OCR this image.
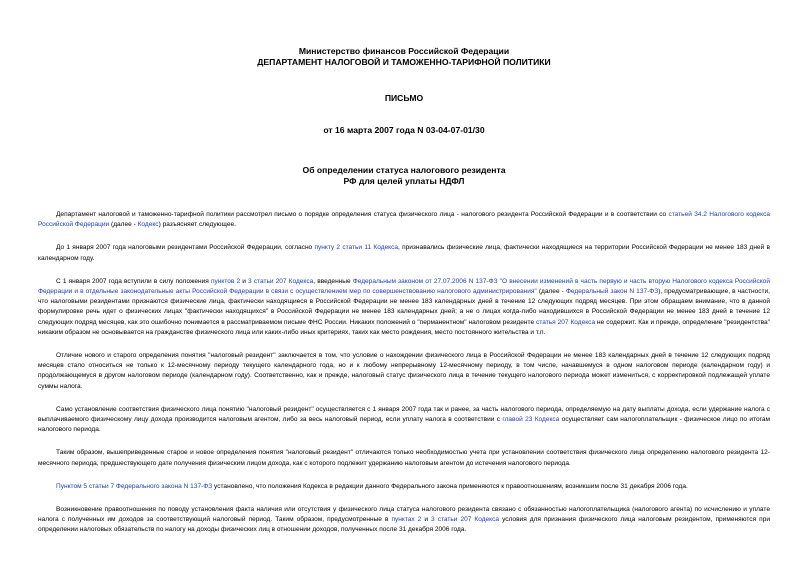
Министерство финансов Российской Федерации
ДЕПАРТАМЕНТ НАЛОГОВОЙ И ТАМОЖЕННО-ТАРИФНОЙ ПОЛИТИКИ
ПИСЬМО
от 16 марта 2007 года N 03-04-07-01/30
Об определении статуса налогового резидента
РФ для целей уплаты НДФЛ

Департамент налоговой и таможенно-тарифной политики рассмотрел письмо о порядке определения статуса физического лица - налогового резидента Российской Федерации и в соответствии со статьей 34.2 Налогового кодекса Российской Федерации (далее - Кодекс) разъясняет следующее.

До 1 января 2007 года налоговыми резидентами Российской Федерации, согласно пункту 2 статьи 11 Кодекса, признавались физические лица, фактически находящиеся на территории Российской Федерации не менее 183 дней в календарном году.

С 1 января 2007 года вступили в силу положения пунктов 2 и 3 статьи 207 Кодекса, введенные Федеральным законом от 27.07.2006 N 137-ФЗ "О внесении изменений в часть первую и часть вторую Налогового кодекса Российской Федерации и в отдельные законодательные акты Российской Федерации в связи с осуществлением мер по совершенствованию налогового администрирования" (далее - Федеральный закон N 137-ФЗ), предусматривающие, в частности, что налоговыми резидентами признаются физические лица, фактически находящиеся в Российской Федерации не менее 183 календарных дней в течение 12 следующих подряд месяцев. При этом обращаем внимание, что в данной формулировке речь идет о физических лицах "фактически находящихся" в Российской Федерации не менее 183 календарных дней; а не о лицах когда-либо находившихся в Российской Федерации не менее 183 дней в течение 12 следующих подряд месяцев, как это ошибочно понимается в рассматриваемом письме ФНС России. Никаких положений о "перманентном" налоговом резиденте статья 207 Кодекса не содержит. Как и прежде, определение "резидентства" никаким образом не основывается на гражданстве физического лица или каких-либо иных критериях, таких как место рождения, место постоянного жительства и т.п.

Отличие нового и старого определения понятия "налоговый резидент" заключается в том, что условие о нахождении физического лица в Российской Федерации не менее 183 календарных дней в течение 12 следующих подряд месяцев стало относиться не только к 12-месячному периоду текущего календарного года, но и к любому непрерывному 12-месячному периоду, в том числе, начавшемуся в одном налоговом периоде (календарном году) и продолжающемуся в другом налоговом периоде (календарном году). Соответственно, как и прежде, налоговый статус физического лица в течение текущего налогового периода может измениться, с корректировкой подлежащей уплате суммы налога.

Само установление соответствия физического лица понятию "налоговый резидент" осуществляется с 1 января 2007 года так и ранее, за часть налогового периода, определяемую на дату выплаты дохода, если удержание налога с выплачиваемого физическому лицу дохода производится налоговым агентом, либо за весь налоговый период, если уплату налога в соответствии с главой 23 Кодекса осуществляет сам налогоплательщик - физическое лицо по итогам налогового периода.

Таким образом, вышеприведенные старое и новое определения понятия "налоговый резидент" отличаются только необходимостью учета при установлении соответствия физического лица определению налогового резидента 12-месячного периода, предшествующего дате получения физическим лицом дохода, как с которого подлежит удержанию налоговым агентом до истечения налогового периода.

Пунктом 5 статьи 7 Федерального закона N 137-ФЗ установлено, что положения Кодекса в редакции данного Федерального закона применяются к правоотношениям, возникшим после 31 декабря 2006 года.

Возникновение правоотношения по поводу установления факта наличия или отсутствия у физического лица статуса налогового резидента связано с обязанностью налогоплательщика (налогового агента) по исчислению и уплате налога с полученных им доходов за соответствующий налоговый период. Таким образом, предусмотренные в пунктах 2 и 3 статьи 207 Кодекса условия для признания физического лица налоговым резидентом, применяются при определении налоговых обязательств по налогу на доходы физических лиц в отношении доходов, полученных после 31 декабря 2006 года.
